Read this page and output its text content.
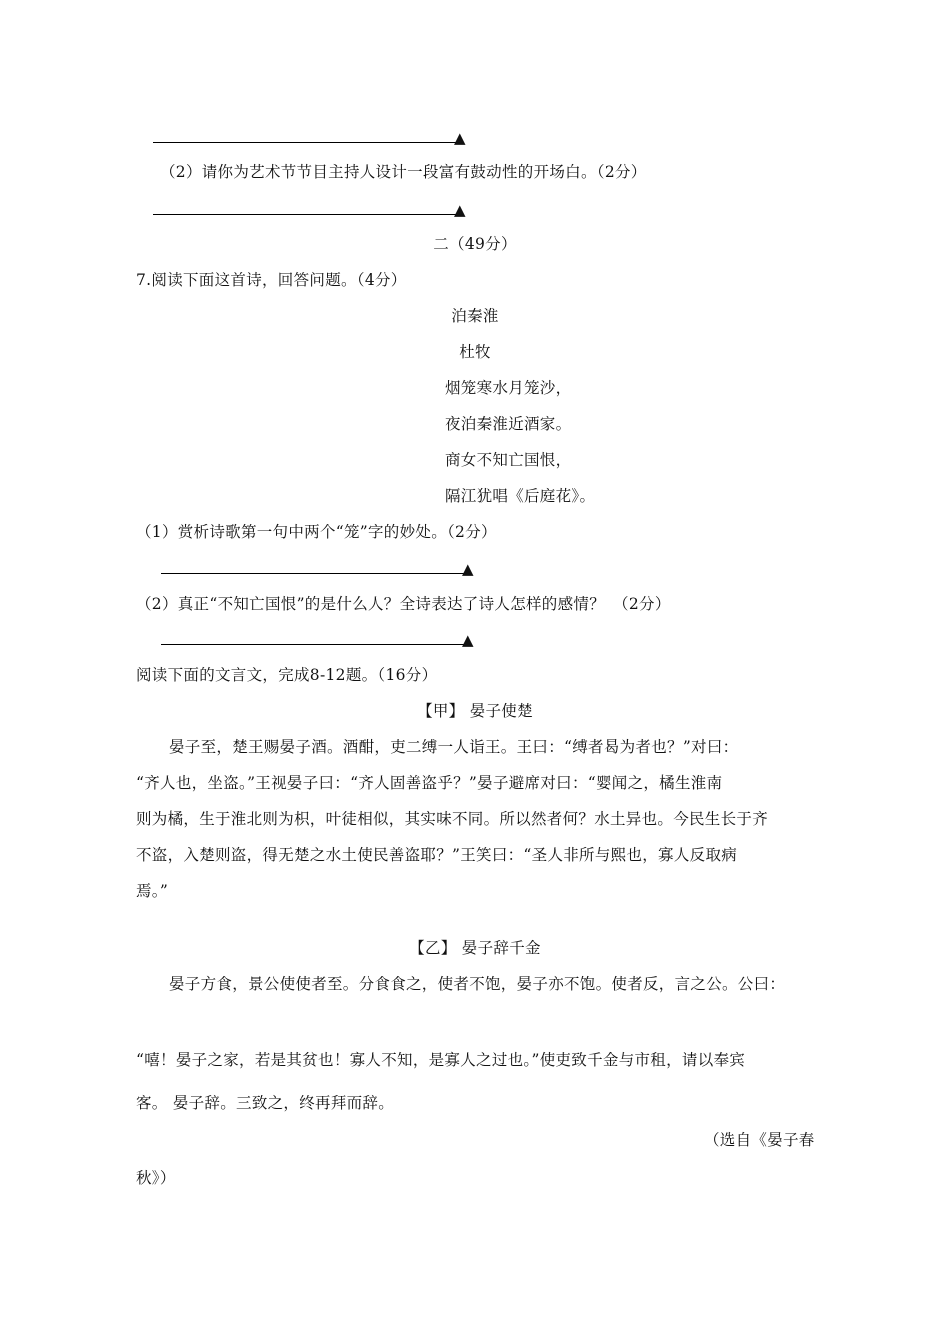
▲
（2）请你为艺术节节目主持人设计一段富有鼓动性的开场白。（2分）
▲
二（49分）
7.阅读下面这首诗，回答问题。（4分）
泊秦淮
杜牧
烟笼寒水月笼沙，
夜泊秦淮近酒家。
商女不知亡国恨，
隔江犹唱《后庭花》。
（1）赏析诗歌第一句中两个“笼”字的妙处。（2分）
▲
（2）真正“不知亡国恨”的是什么人？全诗表达了诗人怎样的感情？　（2分）
▲
阅读下面的文言文，完成8-12题。（16分）
【甲】 晏子使楚
晏子至，楚王赐晏子酒。酒酣，吏二缚一人诣王。王曰：“缚者曷为者也？”对曰：
“齐人也，坐盗。”王视晏子曰：“齐人固善盗乎？”晏子避席对曰：“婴闻之，橘生淮南
则为橘，生于淮北则为枳，叶徒相似，其实味不同。所以然者何？水土异也。今民生长于齐
不盗，入楚则盗，得无楚之水土使民善盗耶？”王笑曰：“圣人非所与熙也，寡人反取病
焉。”
【乙】 晏子辞千金
晏子方食，景公使使者至。分食食之，使者不饱，晏子亦不饱。使者反，言之公。公曰：
“嘻！晏子之家，若是其贫也！寡人不知，是寡人之过也。”使吏致千金与市租，请以奉宾
客。 晏子辞。三致之，终再拜而辞。
（选自《晏子春
秋》）
